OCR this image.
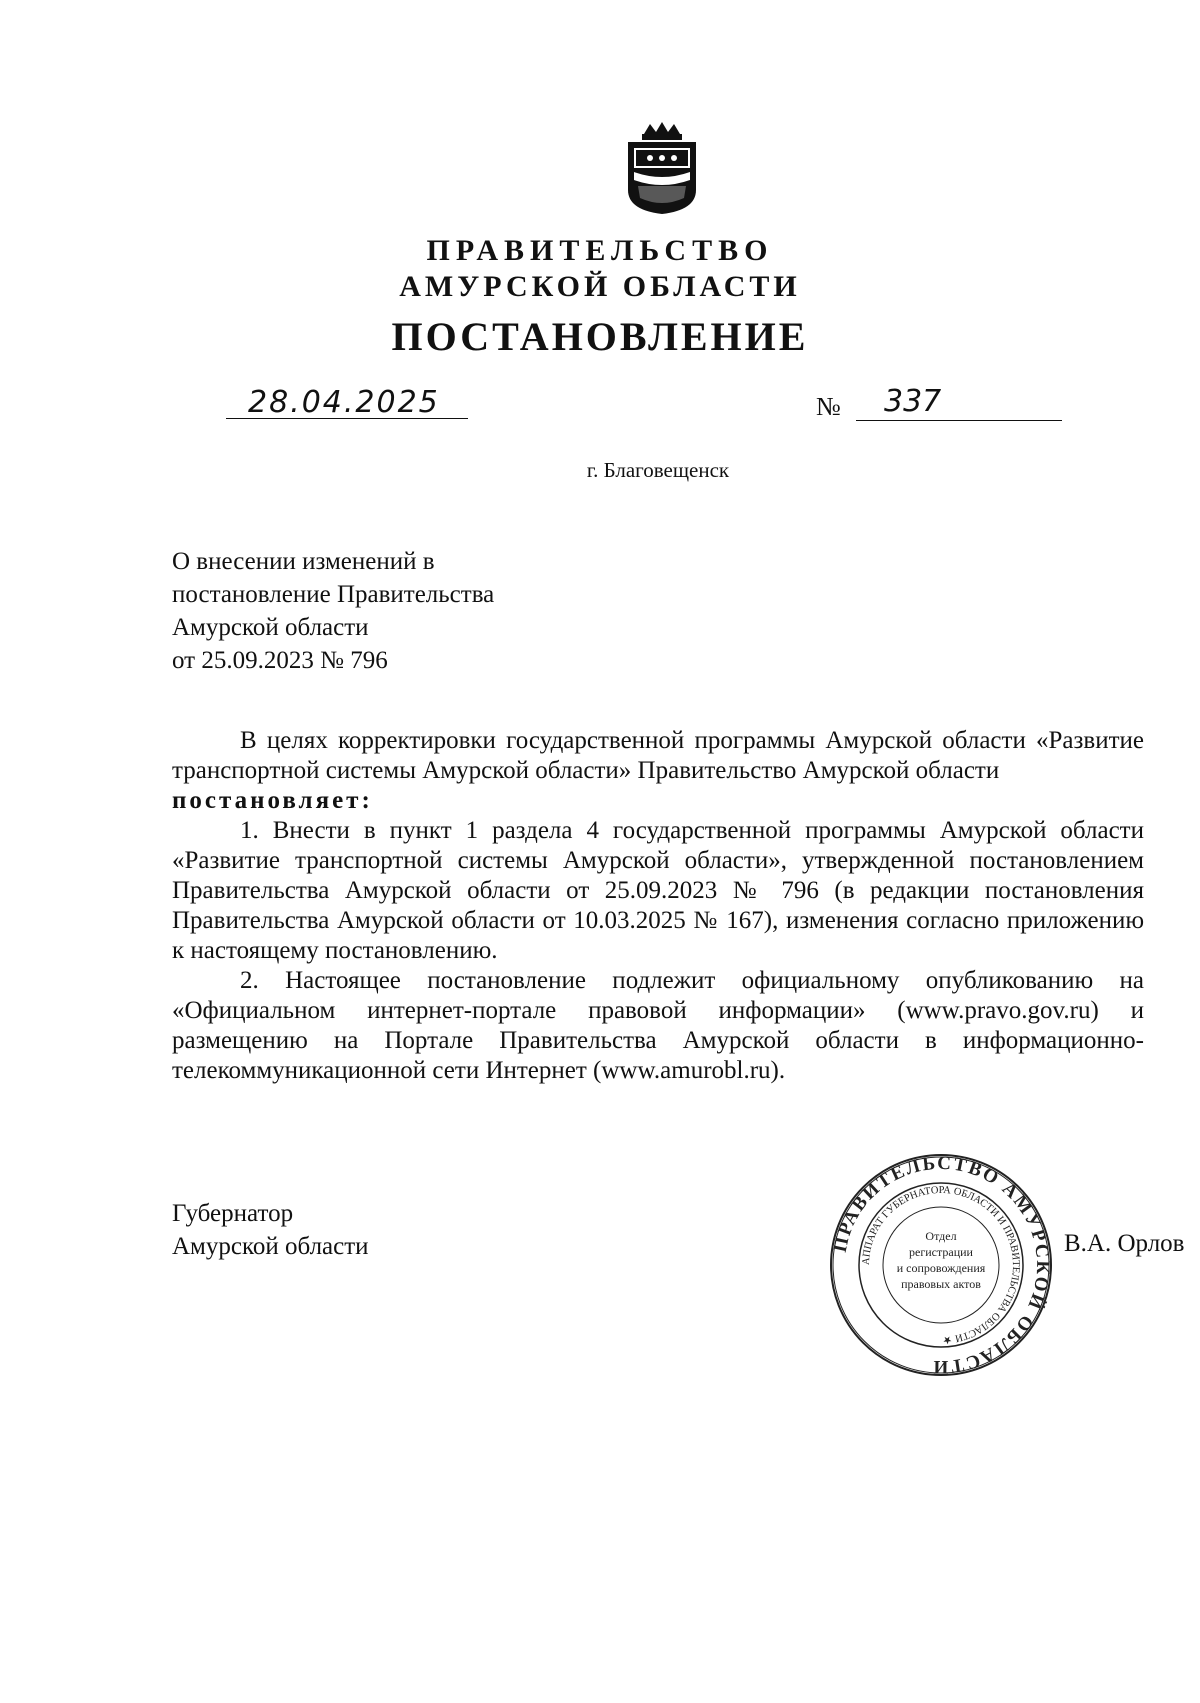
ПРАВИТЕЛЬСТВО
АМУРСКОЙ ОБЛАСТИ
ПОСТАНОВЛЕНИЕ
28.04.2025	№ 337
г. Благовещенск
О внесении изменений в
постановление Правительства
Амурской области
от 25.09.2023 № 796

В целях корректировки государственной программы Амурской области «Развитие транспортной системы Амурской области» Правительство Амурской области

постановляет:

1. Внести в пункт 1 раздела 4 государственной программы Амурской области «Развитие транспортной системы Амурской области», утвержденной постановлением Правительства Амурской области от 25.09.2023 № 796 (в редакции постановления Правительства Амурской области от 10.03.2025 № 167), изменения согласно приложению к настоящему постановлению.

2. Настоящее постановление подлежит официальному опубликованию на «Официальном интернет-портале правовой информации» (www.pravo.gov.ru) и размещению на Портале Правительства Амурской области в информационно-телекоммуникационной сети Интернет (www.amurobl.ru).

Губернатор
Амурской области	В.А. Орлов
ПРАВИТЕЛЬСТВО АМУРСКОЙ ОБЛАСТИ
АППАРАТ ГУБЕРНАТОРА ОБЛАСТИ И ПРАВИТЕЛЬСТВА ОБЛАСТИ ★
Отдел
регистрации
и сопровождения
правовых актов
